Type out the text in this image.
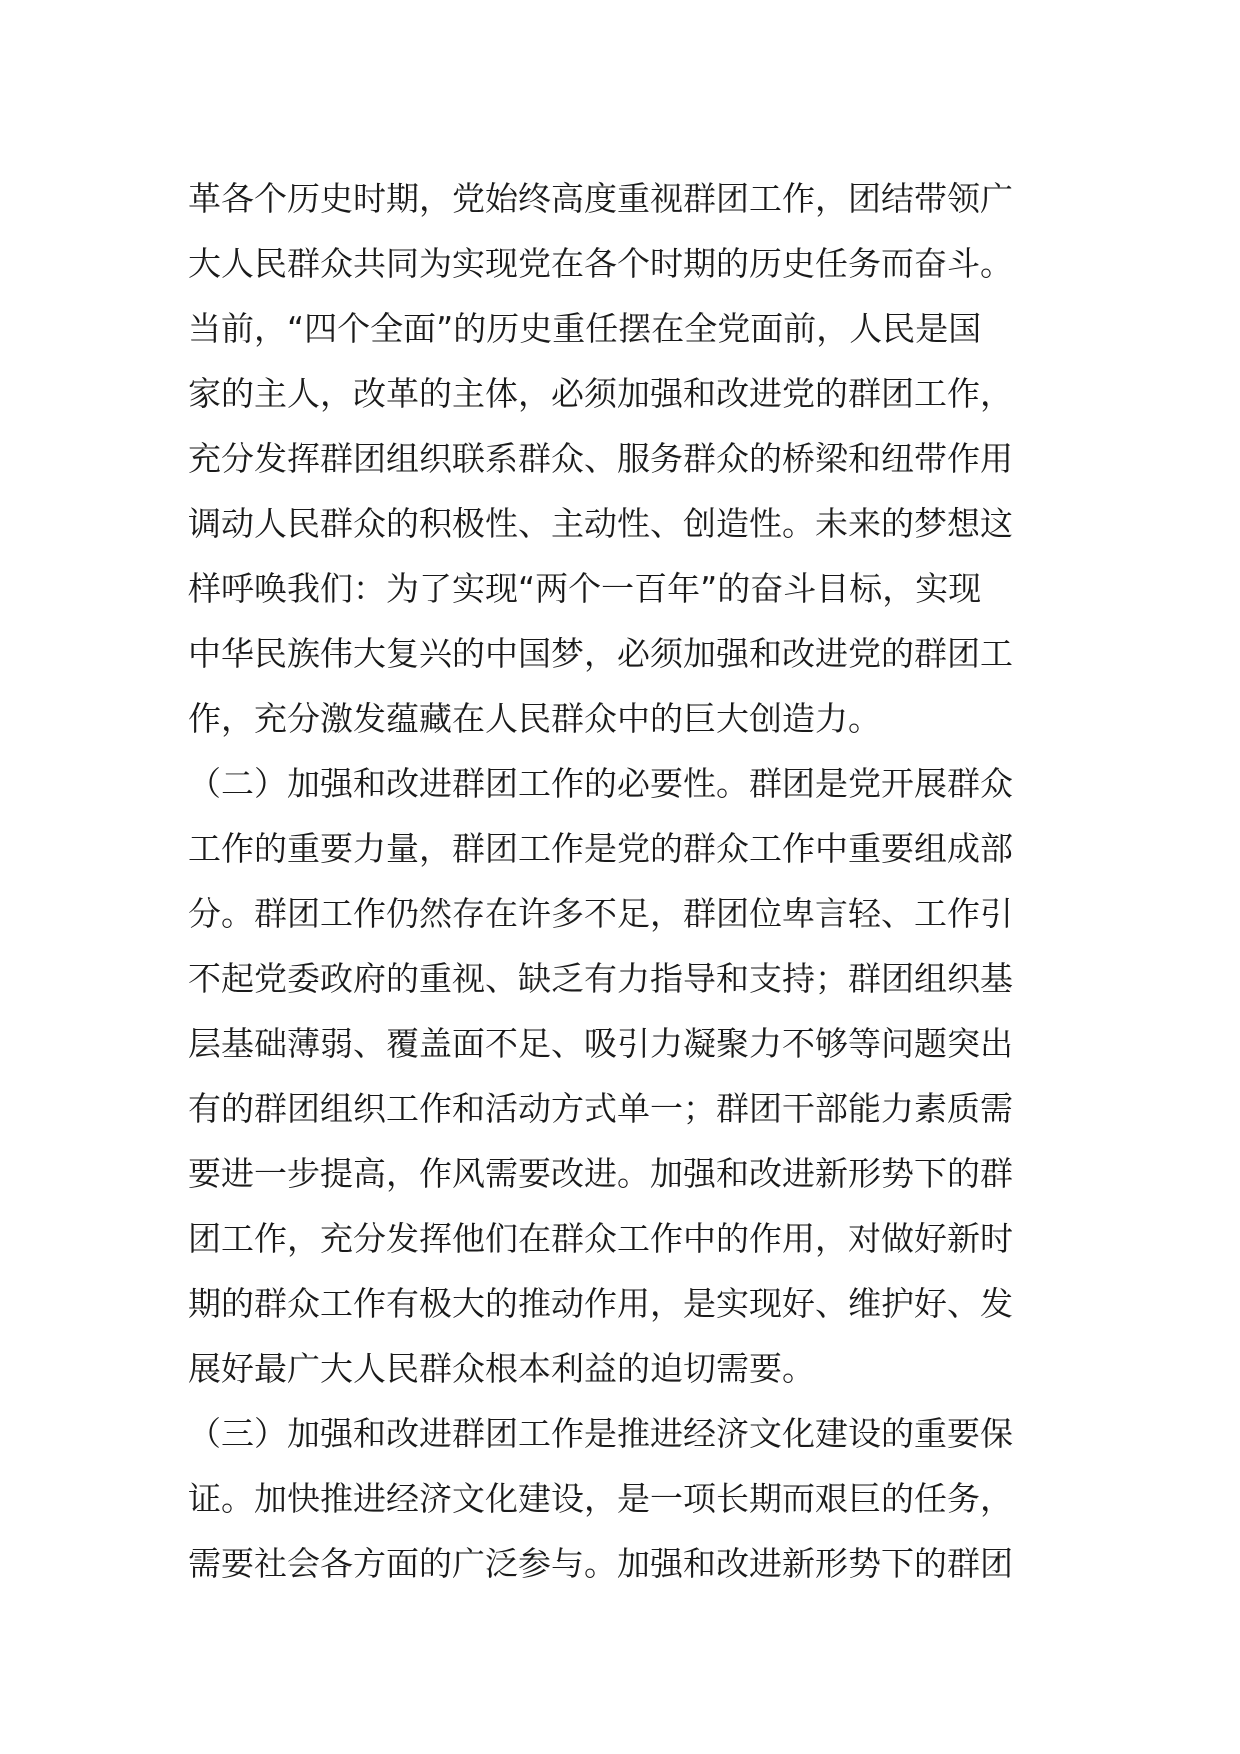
革各个历史时期，党始终高度重视群团工作，团结带领广
大人民群众共同为实现党在各个时期的历史任务而奋斗。
当前，“四个全面”的历史重任摆在全党面前，人民是国
家的主人，改革的主体，必须加强和改进党的群团工作，
充分发挥群团组织联系群众、服务群众的桥梁和纽带作用
调动人民群众的积极性、主动性、创造性。未来的梦想这
样呼唤我们：为了实现“两个一百年”的奋斗目标，实现
中华民族伟大复兴的中国梦，必须加强和改进党的群团工
作，充分激发蕴藏在人民群众中的巨大创造力。
（二）加强和改进群团工作的必要性。群团是党开展群众
工作的重要力量，群团工作是党的群众工作中重要组成部
分。群团工作仍然存在许多不足，群团位卑言轻、工作引
不起党委政府的重视、缺乏有力指导和支持；群团组织基
层基础薄弱、覆盖面不足、吸引力凝聚力不够等问题突出
有的群团组织工作和活动方式单一；群团干部能力素质需
要进一步提高，作风需要改进。加强和改进新形势下的群
团工作，充分发挥他们在群众工作中的作用，对做好新时
期的群众工作有极大的推动作用，是实现好、维护好、发
展好最广大人民群众根本利益的迫切需要。
（三）加强和改进群团工作是推进经济文化建设的重要保
证。加快推进经济文化建设，是一项长期而艰巨的任务，
需要社会各方面的广泛参与。加强和改进新形势下的群团
